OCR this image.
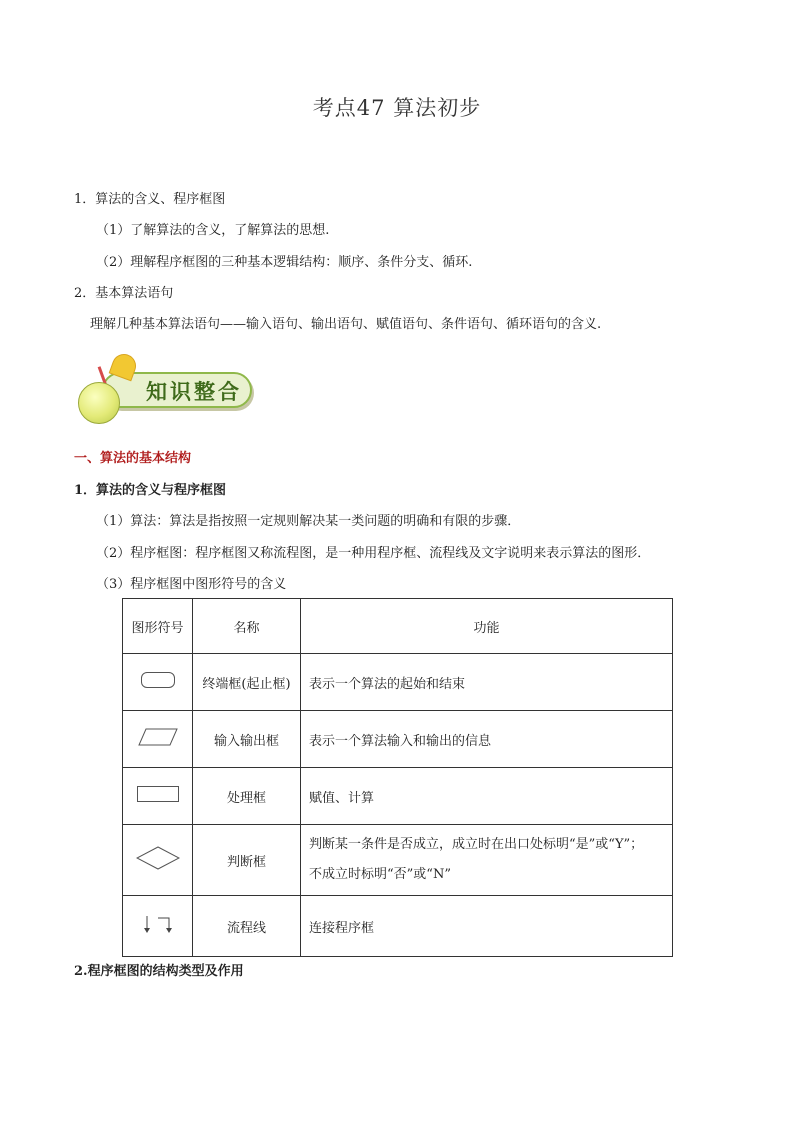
考点47 算法初步
1．算法的含义、程序框图
（1）了解算法的含义，了解算法的思想.
（2）理解程序框图的三种基本逻辑结构：顺序、条件分支、循环.
2．基本算法语句
理解几种基本算法语句——输入语句、输出语句、赋值语句、条件语句、循环语句的含义.
知识整合
一、算法的基本结构
1．算法的含义与程序框图
（1）算法：算法是指按照一定规则解决某一类问题的明确和有限的步骤．
（2）程序框图：程序框图又称流程图，是一种用程序框、流程线及文字说明来表示算法的图形．
（3）程序框图中图形符号的含义
图形符号	名称	功能
	终端框(起止框)	表示一个算法的起始和结束
	输入输出框	表示一个算法输入和输出的信息
	处理框	赋值、计算
	判断框	判断某一条件是否成立，成立时在出口处标明“是”或“Y”；
不成立时标明“否”或“N”

	流程线	连接程序框
2.程序框图的结构类型及作用
